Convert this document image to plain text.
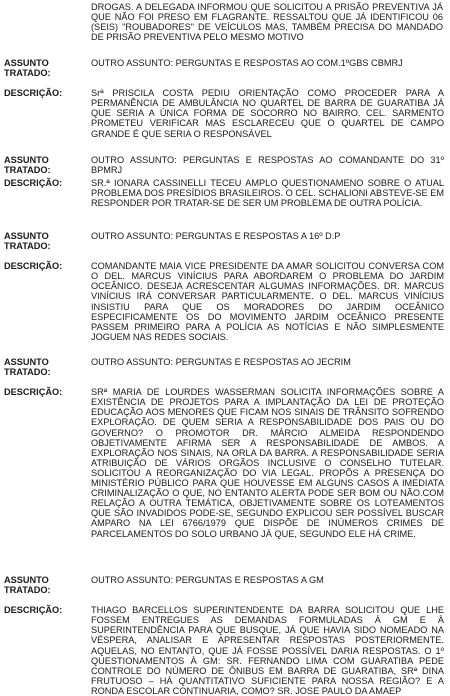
DROGAS. A DELEGADA INFORMOU QUE SOLICITOU A PRISÃO PREVENTIVA JÁ QUE NÃO FOI PRESO EM FLAGRANTE. RESSALTOU QUE JÁ IDENTIFICOU 06 (SEIS) "ROUBADORES" DE VEÍCULOS MAS, TAMBÉM PRECISA DO MANDADO DE PRISÃO PREVENTIVA PELO MESMO MOTIVO
ASSUNTO TRATADO:
OUTRO ASSUNTO: PERGUNTAS E RESPOSTAS AO COM.1ºGBS CBMRJ
DESCRIÇÃO:	Srª PRISCILA COSTA PEDIU ORIENTAÇÃO COMO PROCEDER PARA A PERMANÊNCIA DE AMBULÂNCIA NO QUARTEL DE BARRA DE GUARATIBA JÁ QUE SERIA A ÚNICA FORMA DE SOCORRO NO BAIRRO. CEL. SARMENTO PROMETEU VERIFICAR MAS ESCLARECEU QUE O QUARTEL DE CAMPO GRANDE É QUE SERIA O RESPONSÁVEL
ASSUNTO TRATADO:
OUTRO ASSUNTO: PERGUNTAS E RESPOSTAS AO COMANDANTE DO 31º BPMRJ
DESCRIÇÃO:	SR.ª IONARA CASSINELLI TECEU AMPLO QUESTIONAMENO SOBRE O ATUAL PROBLEMA DOS PRESÍDIOS BRASILEIROS. O CEL. SCHALIONI ABSTEVE-SE EM RESPONDER POR TRATAR-SE DE SER UM PROBLEMA DE OUTRA POLÍCIA.
ASSUNTO TRATADO:
OUTRO ASSUNTO: PERGUNTAS E RESPOSTAS A 16º D.P
DESCRIÇÃO:	COMANDANTE MAIA VICE PRESIDENTE DA AMAR SOLICITOU CONVERSA COM O DEL. MARCUS VINÍCIUS PARA ABORDAREM O PROBLEMA DO JARDIM OCEÂNICO. DESEJA ACRESCENTAR ALGUMAS INFORMAÇÕES. DR. MARCUS VINÍCIUS IRÁ CONVERSAR PARTICULARMENTE. O DEL. MARCUS VINÍCIUS INSISTIU PARA QUE OS MORADORES DO JARDIM OCEÂNICO ESPECIFICAMENTE OS DO MOVIMENTO JARDIM OCEÂNICO PRESENTE PASSEM PRIMEIRO PARA A POLÍCIA AS NOTÍCIAS E NÃO SIMPLESMENTE JOGUEM NAS REDES SOCIAIS.
ASSUNTO TRATADO:
OUTRO ASSUNTO: PERGUNTAS E RESPOSTAS AO JECRIM
DESCRIÇÃO:	SRª MARIA DE LOURDES WASSERMAN SOLICITA INFORMAÇÕES SOBRE A EXISTÊNCIA DE PROJETOS PARA A IMPLANTAÇÃO DA LEI DE PROTEÇÃO EDUCAÇÃO AOS MENORES QUE FICAM NOS SINAIS DE TRÂNSITO SOFRENDO EXPLORAÇÃO. DE QUEM SERIA A RESPONSABILIDADE DOS PAIS OU DO GOVERNO? O PROMOTOR DR. MÁRCIO ALMEIDA RESPONDENDO OBJETIVAMENTE AFIRMA SER A RESPONSABILIDADE DE AMBOS. A EXPLORAÇÃO NOS SINAIS, NA ORLA DA BARRA. A RESPONSABILIDADE SERIA ATRIBUIÇÃO DE VÁRIOS ORGÃOS INCLUSIVE O CONSELHO TUTELAR. SOLICITOU A REORGANIZAÇÃO DO VIA LEGAL. PROPÕS A PRESENÇA DO MINISTÉRIO PÚBLICO PARA QUE HOUVESSE EM ALGUNS CASOS A IMEDIATA CRIMINALIZAÇÃO O QUE, NO ENTANTO ALERTA PODE SER BOM OU NÃO.COM RELAÇÃO A OUTRA TEMÁTICA, OBJETIVAMENTE SOBRE OS LOTEAMENTOS QUE SÃO INVADIDOS PODE-SE, SEGUNDO EXPLICOU SER POSSÍVEL BUSCAR AMPARO NA LEI 6766/1979 QUE DISPÕE DE INÚMEROS CRIMES DE PARCELAMENTOS DO SOLO URBANO JÁ QUE, SEGUNDO ELE HÁ CRIME.
ASSUNTO TRATADO:
OUTRO ASSUNTO: PERGUNTAS E RESPOSTAS A GM
DESCRIÇÃO:	THIAGO BARCELLOS SUPERINTENDENTE DA BARRA SOLICITOU QUE LHE FOSSEM ENTREGUES AS DEMANDAS FORMULADAS À GM E À SUPERINTENDÊNCIA PARA QUE BUSQUE, JÁ QUE HAVIA SIDO NOMEADO NA VÉSPERA, ANALISAR E APRESENTAR RESPOSTAS POSTERIORMENTE. AQUELAS, NO ENTANTO, QUE JÁ FOSSE POSSÍVEL DARIA RESPOSTAS. O 1º QUESTIONAMENTOS À GM: SR. FERNANDO LIMA COM GUARATIBA PEDE CONTROLE DO NÚMERO DE ÔNIBUS EM BARRA DE GUARATIBA, SRª DINA FRUTUOSO – HÁ QUANTITATIVO SUFICIENTE PARA NOSSA REGIÃO? E A RONDA ESCOLAR CONTINUARIA, COMO? SR. JOSE PAULO DA AMAEP
